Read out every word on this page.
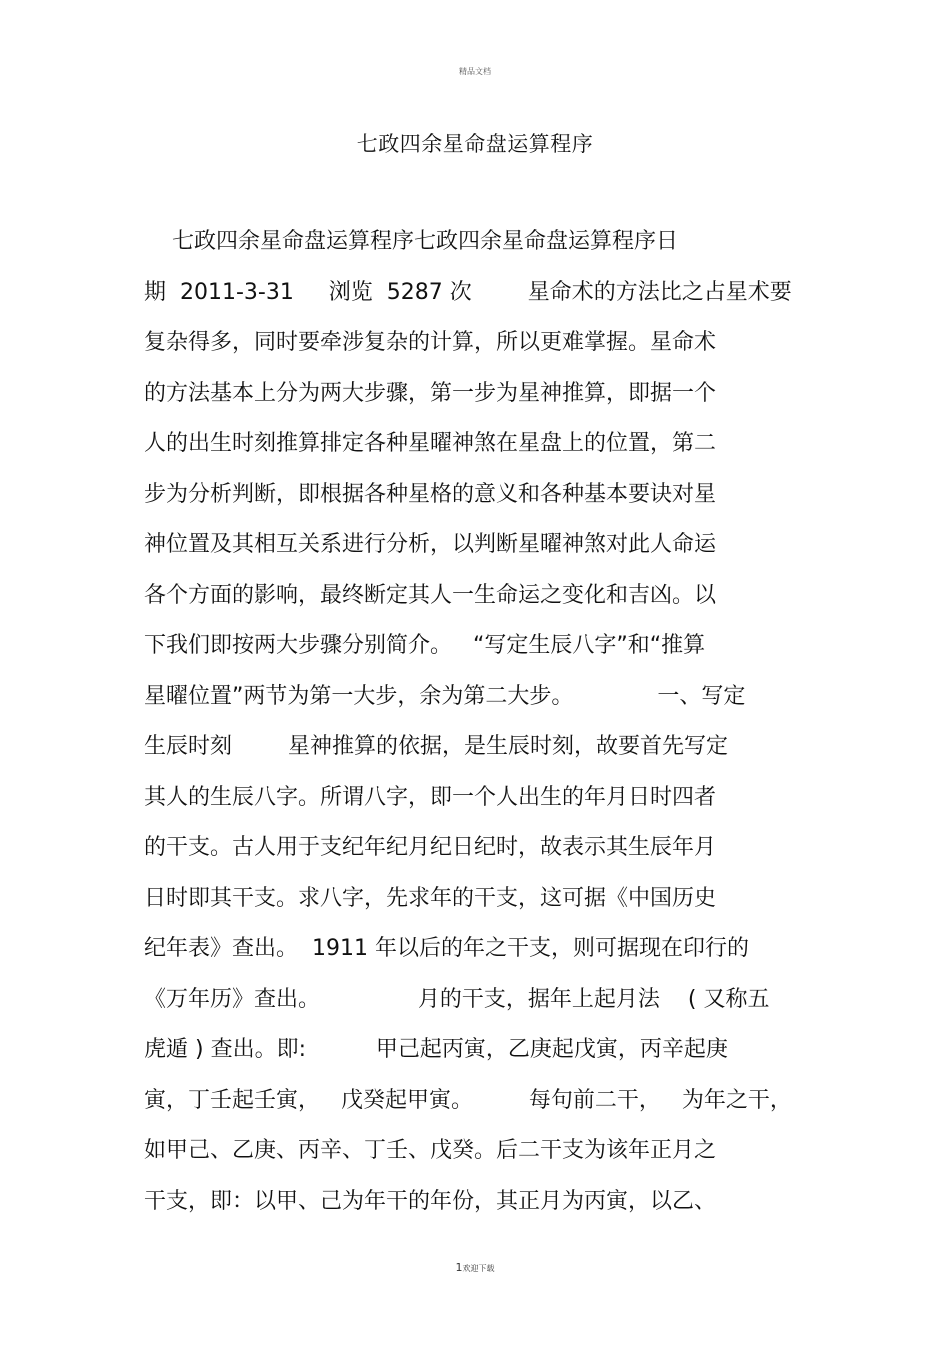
精品文档
七政四余星命盘运算程序
七政四余星命盘运算程序七政四余星命盘运算程序日
期  2011-3-31     浏览  5287 次        星命术的方法比之占星术要
复杂得多，同时要牵涉复杂的计算，所以更难掌握。星命术
的方法基本上分为两大步骤，第一步为星神推算，即据一个
人的出生时刻推算排定各种星曜神煞在星盘上的位置，第二
步为分析判断，即根据各种星格的意义和各种基本要诀对星
神位置及其相互关系进行分析，以判断星曜神煞对此人命运
各个方面的影响，最终断定其人一生命运之变化和吉凶。以
下我们即按两大步骤分别简介。   “写定生辰八字”和“推算
星曜位置”两节为第一大步，余为第二大步。            一、写定
生辰时刻        星神推算的依据，是生辰时刻，故要首先写定
其人的生辰八字。所谓八字，即一个人出生的年月日时四者
的干支。古人用于支纪年纪月纪日纪时，故表示其生辰年月
日时即其干支。求八字，先求年的干支，这可据《中国历史
纪年表》查出。  1911 年以后的年之干支，则可据现在印行的
《万年历》查出。              月的干支，据年上起月法    ( 又称五
虎遁 ) 查出。即:          甲己起丙寅，乙庚起戊寅，丙辛起庚
寅，丁壬起壬寅，   戊癸起甲寅。        每句前二干，   为年之干，
如甲己、乙庚、丙辛、丁壬、戊癸。后二干支为该年正月之
干支，即：以甲、己为年干的年份，其正月为丙寅，以乙、
1欢迎下载
